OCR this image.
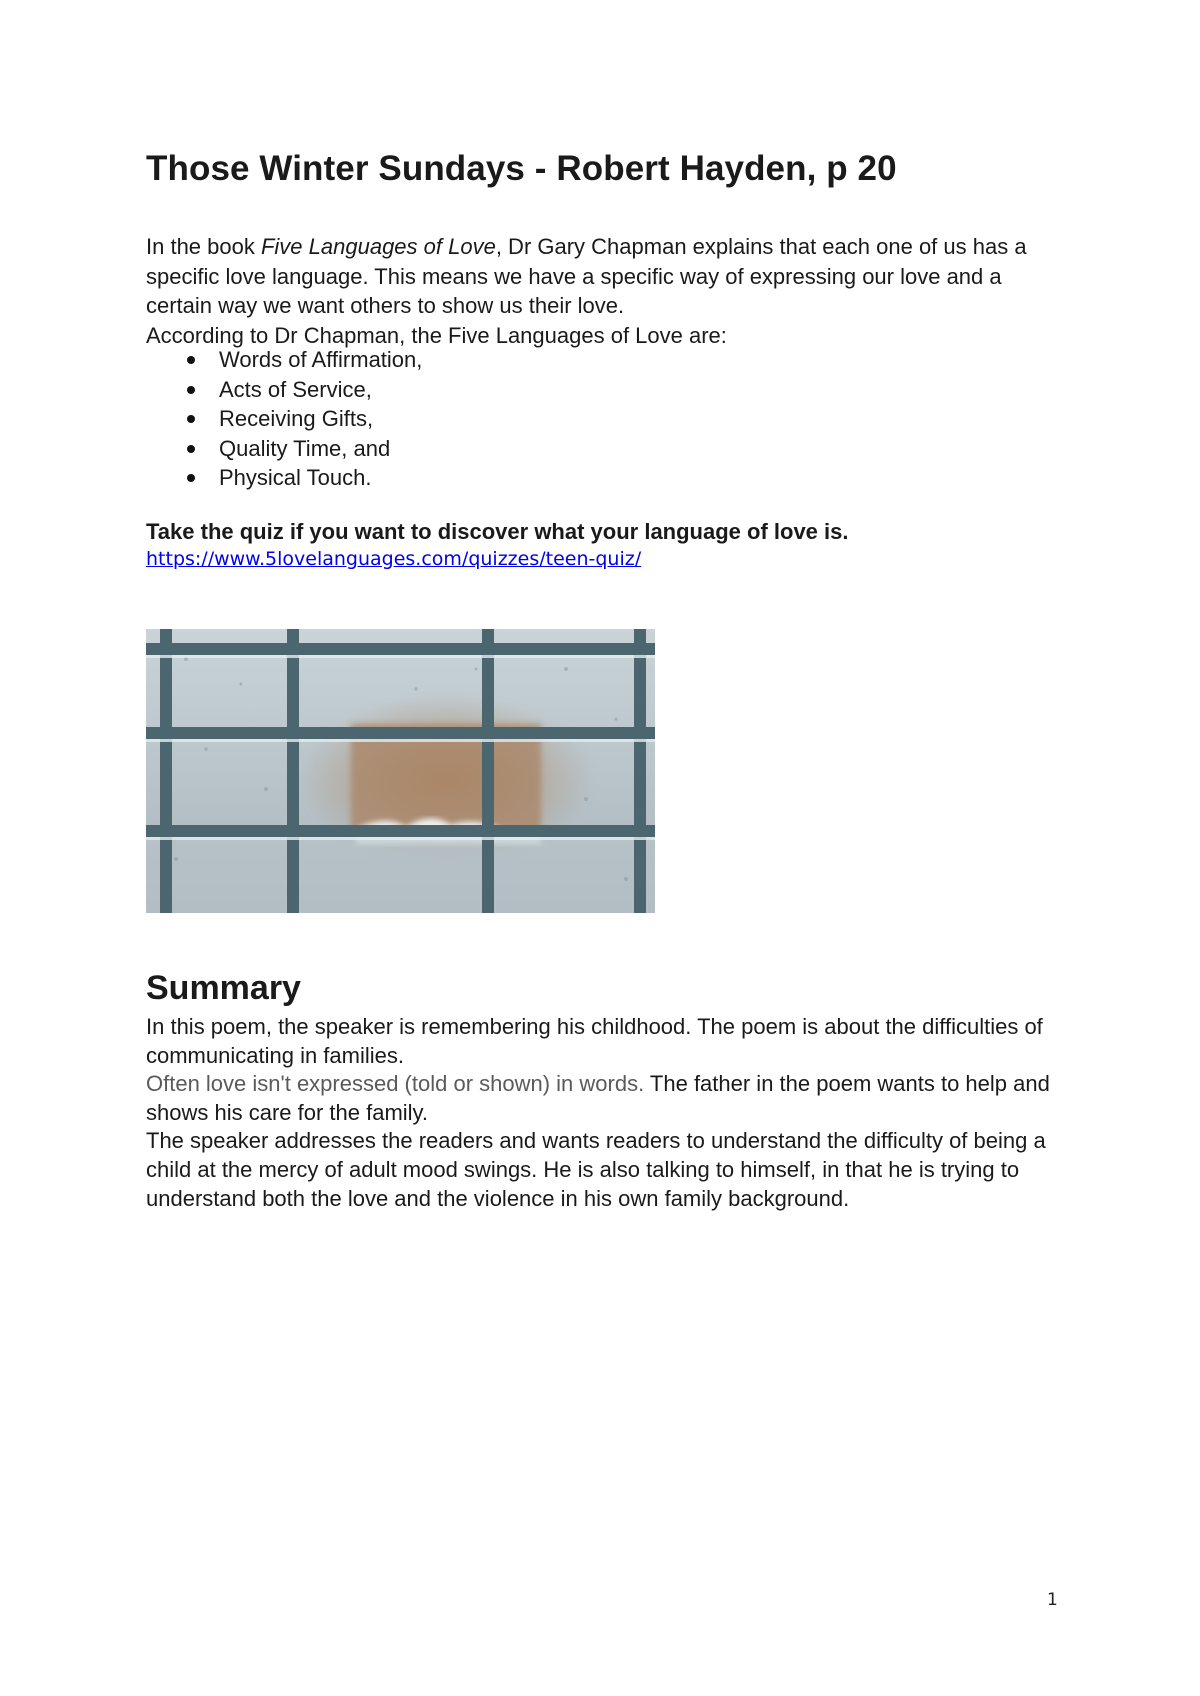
Those Winter Sundays - Robert Hayden, p 20

In the book Five Languages of Love, Dr Gary Chapman explains that each one of us has a specific love language. This means we have a specific way of expressing our love and a certain way we want others to show us their love.

According to Dr Chapman, the Five Languages of Love are:

Words of Affirmation,
Acts of Service,
Receiving Gifts,
Quality Time, and
Physical Touch.
Take the quiz if you want to discover what your language of love is.
https://www.5lovelanguages.com/quizzes/teen-quiz/
Summary

In this poem, the speaker is remembering his childhood. The poem is about the difficulties of communicating in families.

Often love isn't expressed (told or shown) in words. The father in the poem wants to help and shows his care for the family.

The speaker addresses the readers and wants readers to understand the difficulty of being a child at the mercy of adult mood swings. He is also talking to himself, in that he is trying to understand both the love and the violence in his own family background.

1
